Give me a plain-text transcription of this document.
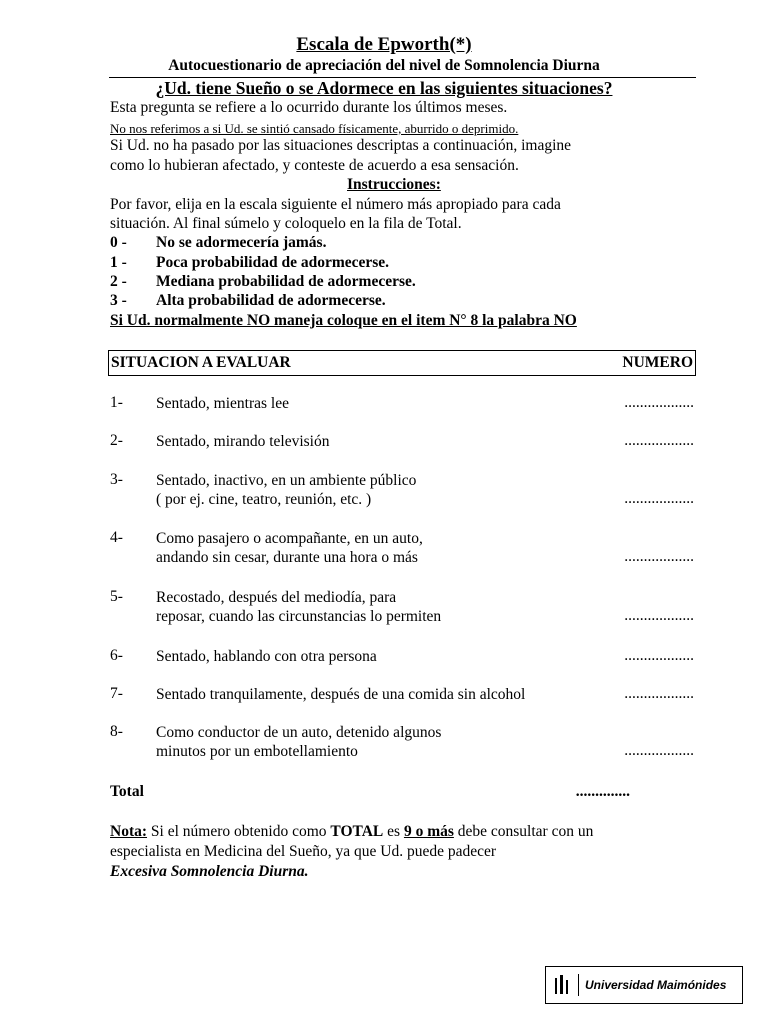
Escala de Epworth(*)
Autocuestionario de apreciación del nivel de Somnolencia Diurna
¿Ud. tiene Sueño o se Adormece en las siguientes situaciones?
Esta pregunta se refiere a lo ocurrido durante los últimos meses.
No nos referimos a si Ud. se sintió cansado físicamente, aburrido o deprimido.
Si Ud. no ha pasado por las situaciones descriptas a continuación, imagine
como lo hubieran afectado, y conteste de acuerdo a esa sensación.
Instrucciones:
Por favor, elija en la escala siguiente el número más apropiado para cada
situación. Al final súmelo y coloquelo en la fila de Total.
0 - No se adormecería jamás.
1 - Poca probabilidad de adormecerse.
2 - Mediana probabilidad de adormecerse.
3 - Alta probabilidad de adormecerse.
Si Ud. normalmente NO maneja coloque en el item N° 8 la palabra NO
SITUACION A EVALUAR	NUMERO
1- Sentado, mientras lee	..................
2- Sentado, mirando televisión	..................
3- Sentado, inactivo, en un ambiente público
( por ej. cine, teatro, reunión, etc. )	..................
4- Como pasajero o acompañante, en un auto,
andando sin cesar, durante una hora o más	..................
5- Recostado, después del mediodía, para
reposar, cuando las circunstancias lo permiten	..................
6- Sentado, hablando con otra persona	..................
7- Sentado tranquilamente, después de una comida sin alcohol	..................
8- Como conductor de un auto, detenido algunos
minutos por un embotellamiento	..................
Total	..............
Nota: Si el número obtenido como TOTAL es 9 o más debe consultar con un
especialista en Medicina del Sueño, ya que Ud. puede padecer
Excesiva Somnolencia Diurna.
Universidad Maimónides
